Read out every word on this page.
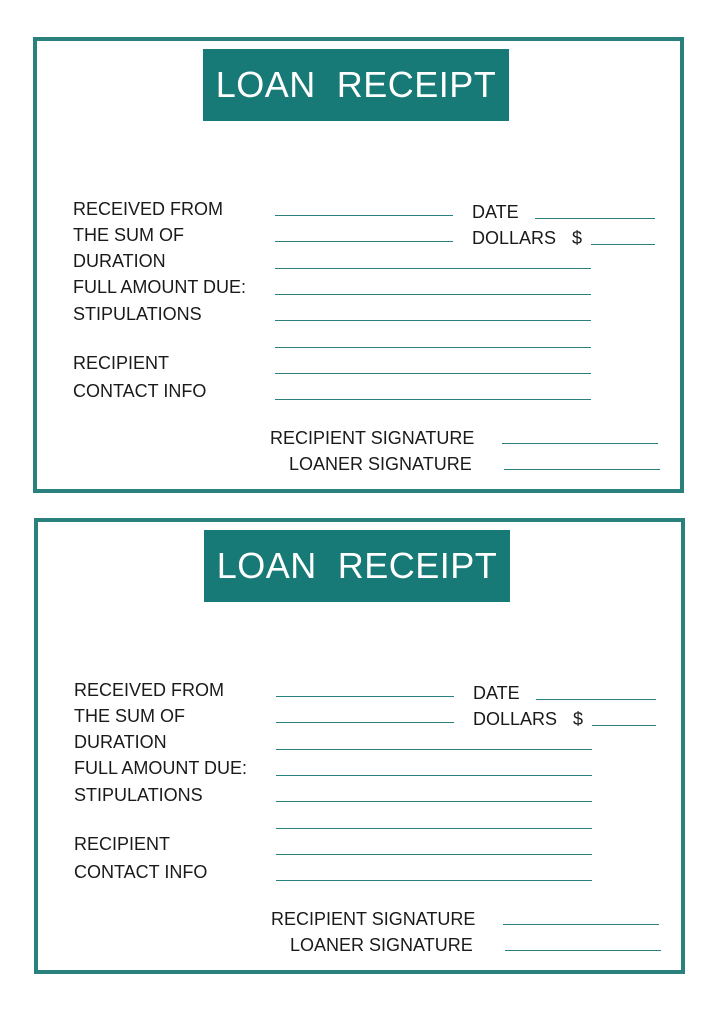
LOAN  RECEIPT
RECEIVED FROM	DATE
THE SUM OF	DOLLARS $
DURATION
FULL AMOUNT DUE:
STIPULATIONS
RECIPIENT
CONTACT INFO
RECIPIENT SIGNATURE
LOANER SIGNATURE
LOAN  RECEIPT
RECEIVED FROM	DATE
THE SUM OF	DOLLARS $
DURATION
FULL AMOUNT DUE:
STIPULATIONS
RECIPIENT
CONTACT INFO
RECIPIENT SIGNATURE
LOANER SIGNATURE
